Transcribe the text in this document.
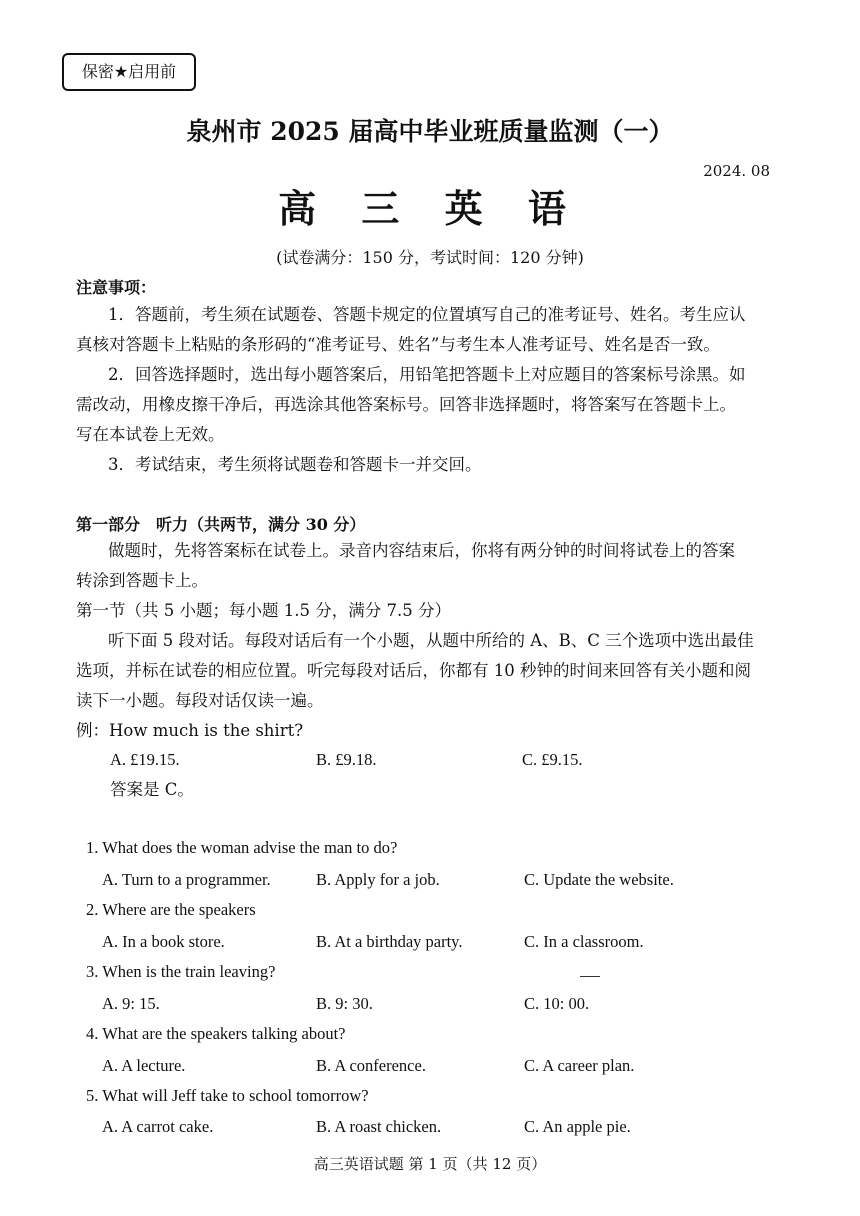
保密★启用前
泉州市 2025 届高中毕业班质量监测（一）
2024. 08
高 三 英 语
(试卷满分：150 分，考试时间：120 分钟)
注意事项：
1．答题前，考生须在试题卷、答题卡规定的位置填写自己的准考证号、姓名。考生应认
真核对答题卡上粘贴的条形码的“准考证号、姓名”与考生本人准考证号、姓名是否一致。
2．回答选择题时，选出每小题答案后，用铅笔把答题卡上对应题目的答案标号涂黑。如
需改动，用橡皮擦干净后，再选涂其他答案标号。回答非选择题时，将答案写在答题卡上。
写在本试卷上无效。
3．考试结束，考生须将试题卷和答题卡一并交回。
第一部分　听力（共两节，满分 30 分）
做题时，先将答案标在试卷上。录音内容结束后，你将有两分钟的时间将试卷上的答案
转涂到答题卡上。
第一节（共 5 小题；每小题 1.5 分，满分 7.5 分）
听下面 5 段对话。每段对话后有一个小题，从题中所给的 A、B、C 三个选项中选出最佳
选项，并标在试卷的相应位置。听完每段对话后，你都有 10 秒钟的时间来回答有关小题和阅
读下一小题。每段对话仅读一遍。
例：How much is the shirt?
A. £19.15.	B. £9.18.	C. £9.15.
答案是 C。
1. What does the woman advise the man to do?
A. Turn to a programmer.	B. Apply for a job.	C. Update the website.
2. Where are the speakers
A. In a book store.	B. At a birthday party.	C. In a classroom.
3. When is the train leaving?
A. 9: 15.	B. 9: 30.	C. 10: 00.
4. What are the speakers talking about?
A. A lecture.	B. A conference.	C. A career plan.
5. What will Jeff take to school tomorrow?
A. A carrot cake.	B. A roast chicken.	C. An apple pie.
高三英语试题 第 1 页（共 12 页）
